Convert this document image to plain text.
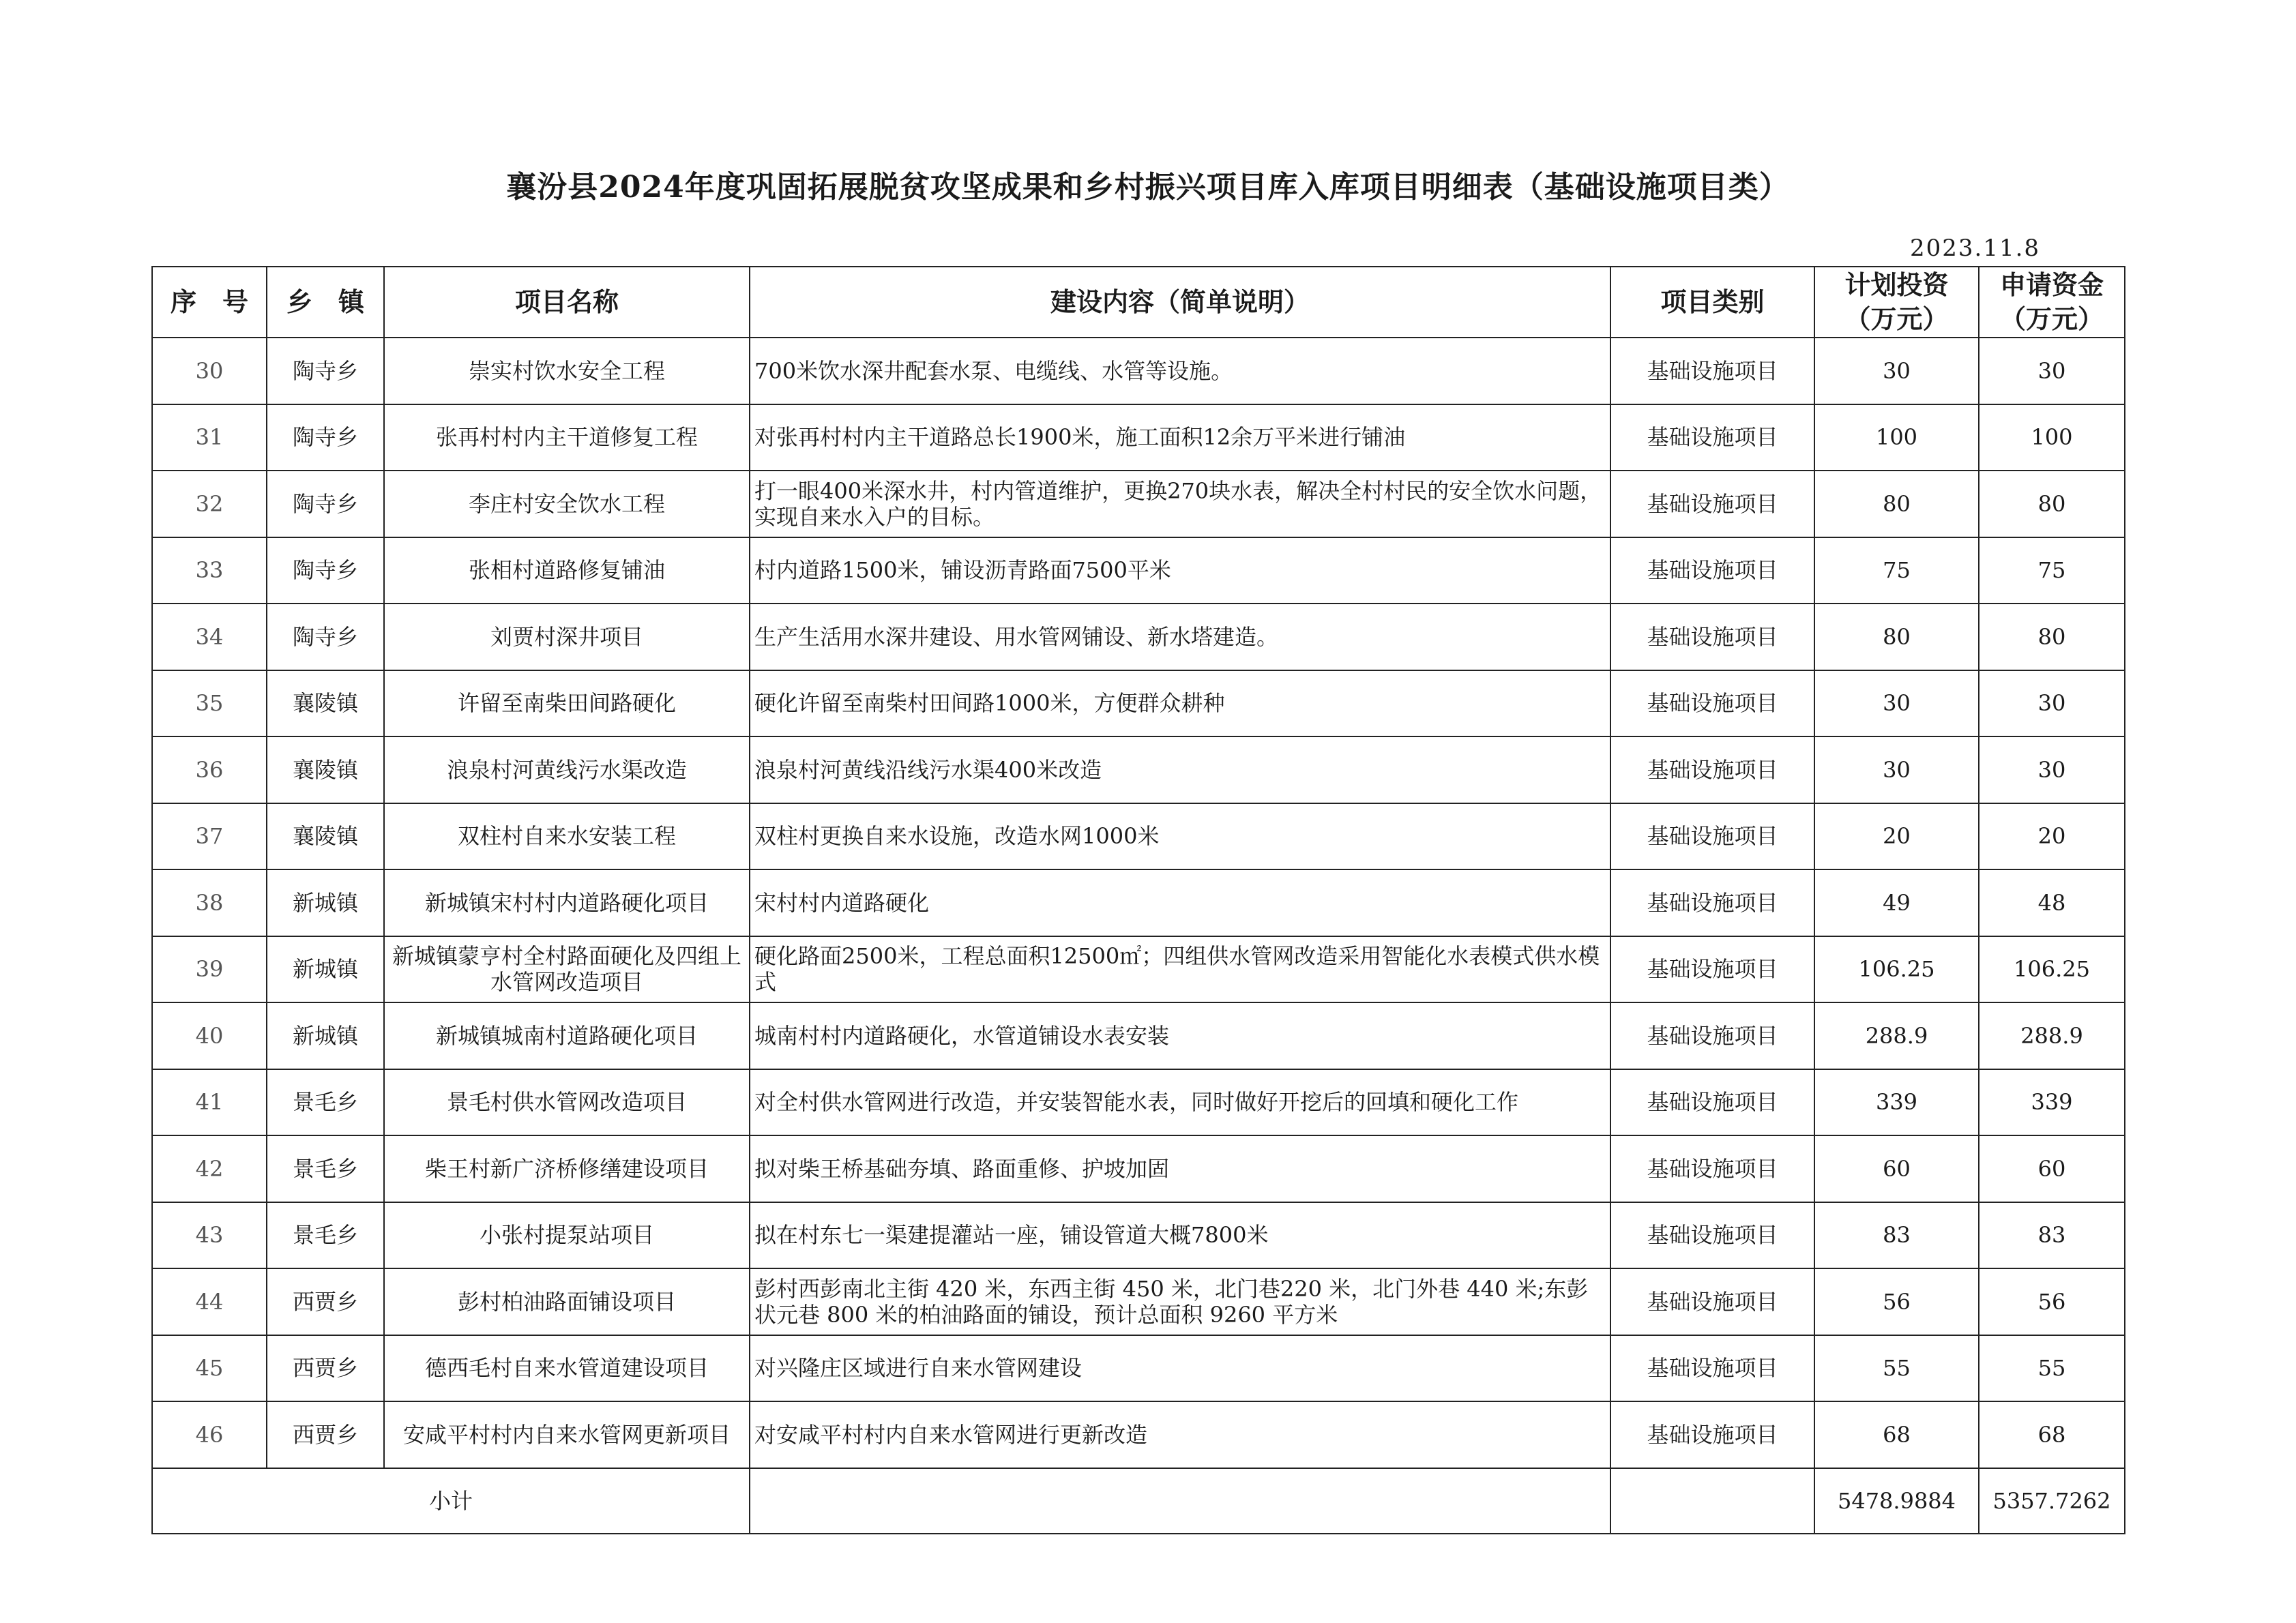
襄汾县2024年度巩固拓展脱贫攻坚成果和乡村振兴项目库入库项目明细表（基础设施项目类）
2023.11.8
序　号	乡　镇	项目名称	建设内容（简单说明）	项目类别	计划投资（万元）	申请资金（万元）
30	陶寺乡	崇实村饮水安全工程	700米饮水深井配套水泵、电缆线、水管等设施。	基础设施项目	30	30
31	陶寺乡	张再村村内主干道修复工程	对张再村村内主干道路总长1900米，施工面积12余万平米进行铺油	基础设施项目	100	100
32	陶寺乡	李庄村安全饮水工程	打一眼400米深水井，村内管道维护，更换270块水表，解决全村村民的安全饮水问题，实现自来水入户的目标。	基础设施项目	80	80
33	陶寺乡	张相村道路修复铺油	村内道路1500米，铺设沥青路面7500平米	基础设施项目	75	75
34	陶寺乡	刘贾村深井项目	生产生活用水深井建设、用水管网铺设、新水塔建造。	基础设施项目	80	80
35	襄陵镇	许留至南柴田间路硬化	硬化许留至南柴村田间路1000米，方便群众耕种	基础设施项目	30	30
36	襄陵镇	浪泉村河黄线污水渠改造	浪泉村河黄线沿线污水渠400米改造	基础设施项目	30	30
37	襄陵镇	双柱村自来水安装工程	双柱村更换自来水设施，改造水网1000米	基础设施项目	20	20
38	新城镇	新城镇宋村村内道路硬化项目	宋村村内道路硬化	基础设施项目	49	48
39	新城镇	新城镇蒙亨村全村路面硬化及四组上水管网改造项目	硬化路面2500米，工程总面积12500㎡；四组供水管网改造采用智能化水表模式供水模式	基础设施项目	106.25	106.25
40	新城镇	新城镇城南村道路硬化项目	城南村村内道路硬化，水管道铺设水表安装	基础设施项目	288.9	288.9
41	景毛乡	景毛村供水管网改造项目	对全村供水管网进行改造，并安装智能水表，同时做好开挖后的回填和硬化工作	基础设施项目	339	339
42	景毛乡	柴王村新广济桥修缮建设项目	拟对柴王桥基础夯填、路面重修、护坡加固	基础设施项目	60	60
43	景毛乡	小张村提泵站项目	拟在村东七一渠建提灌站一座，铺设管道大概7800米	基础设施项目	83	83
44	西贾乡	彭村柏油路面铺设项目	彭村西彭南北主街 420 米，东西主街 450 米，北门巷220 米，北门外巷 440 米;东彭状元巷 800 米的柏油路面的铺设，预计总面积 9260 平方米	基础设施项目	56	56
45	西贾乡	德西毛村自来水管道建设项目	对兴隆庄区域进行自来水管网建设	基础设施项目	55	55
46	西贾乡	安咸平村村内自来水管网更新项目	对安咸平村村内自来水管网进行更新改造	基础设施项目	68	68
小计					5478.9884	5357.7262
